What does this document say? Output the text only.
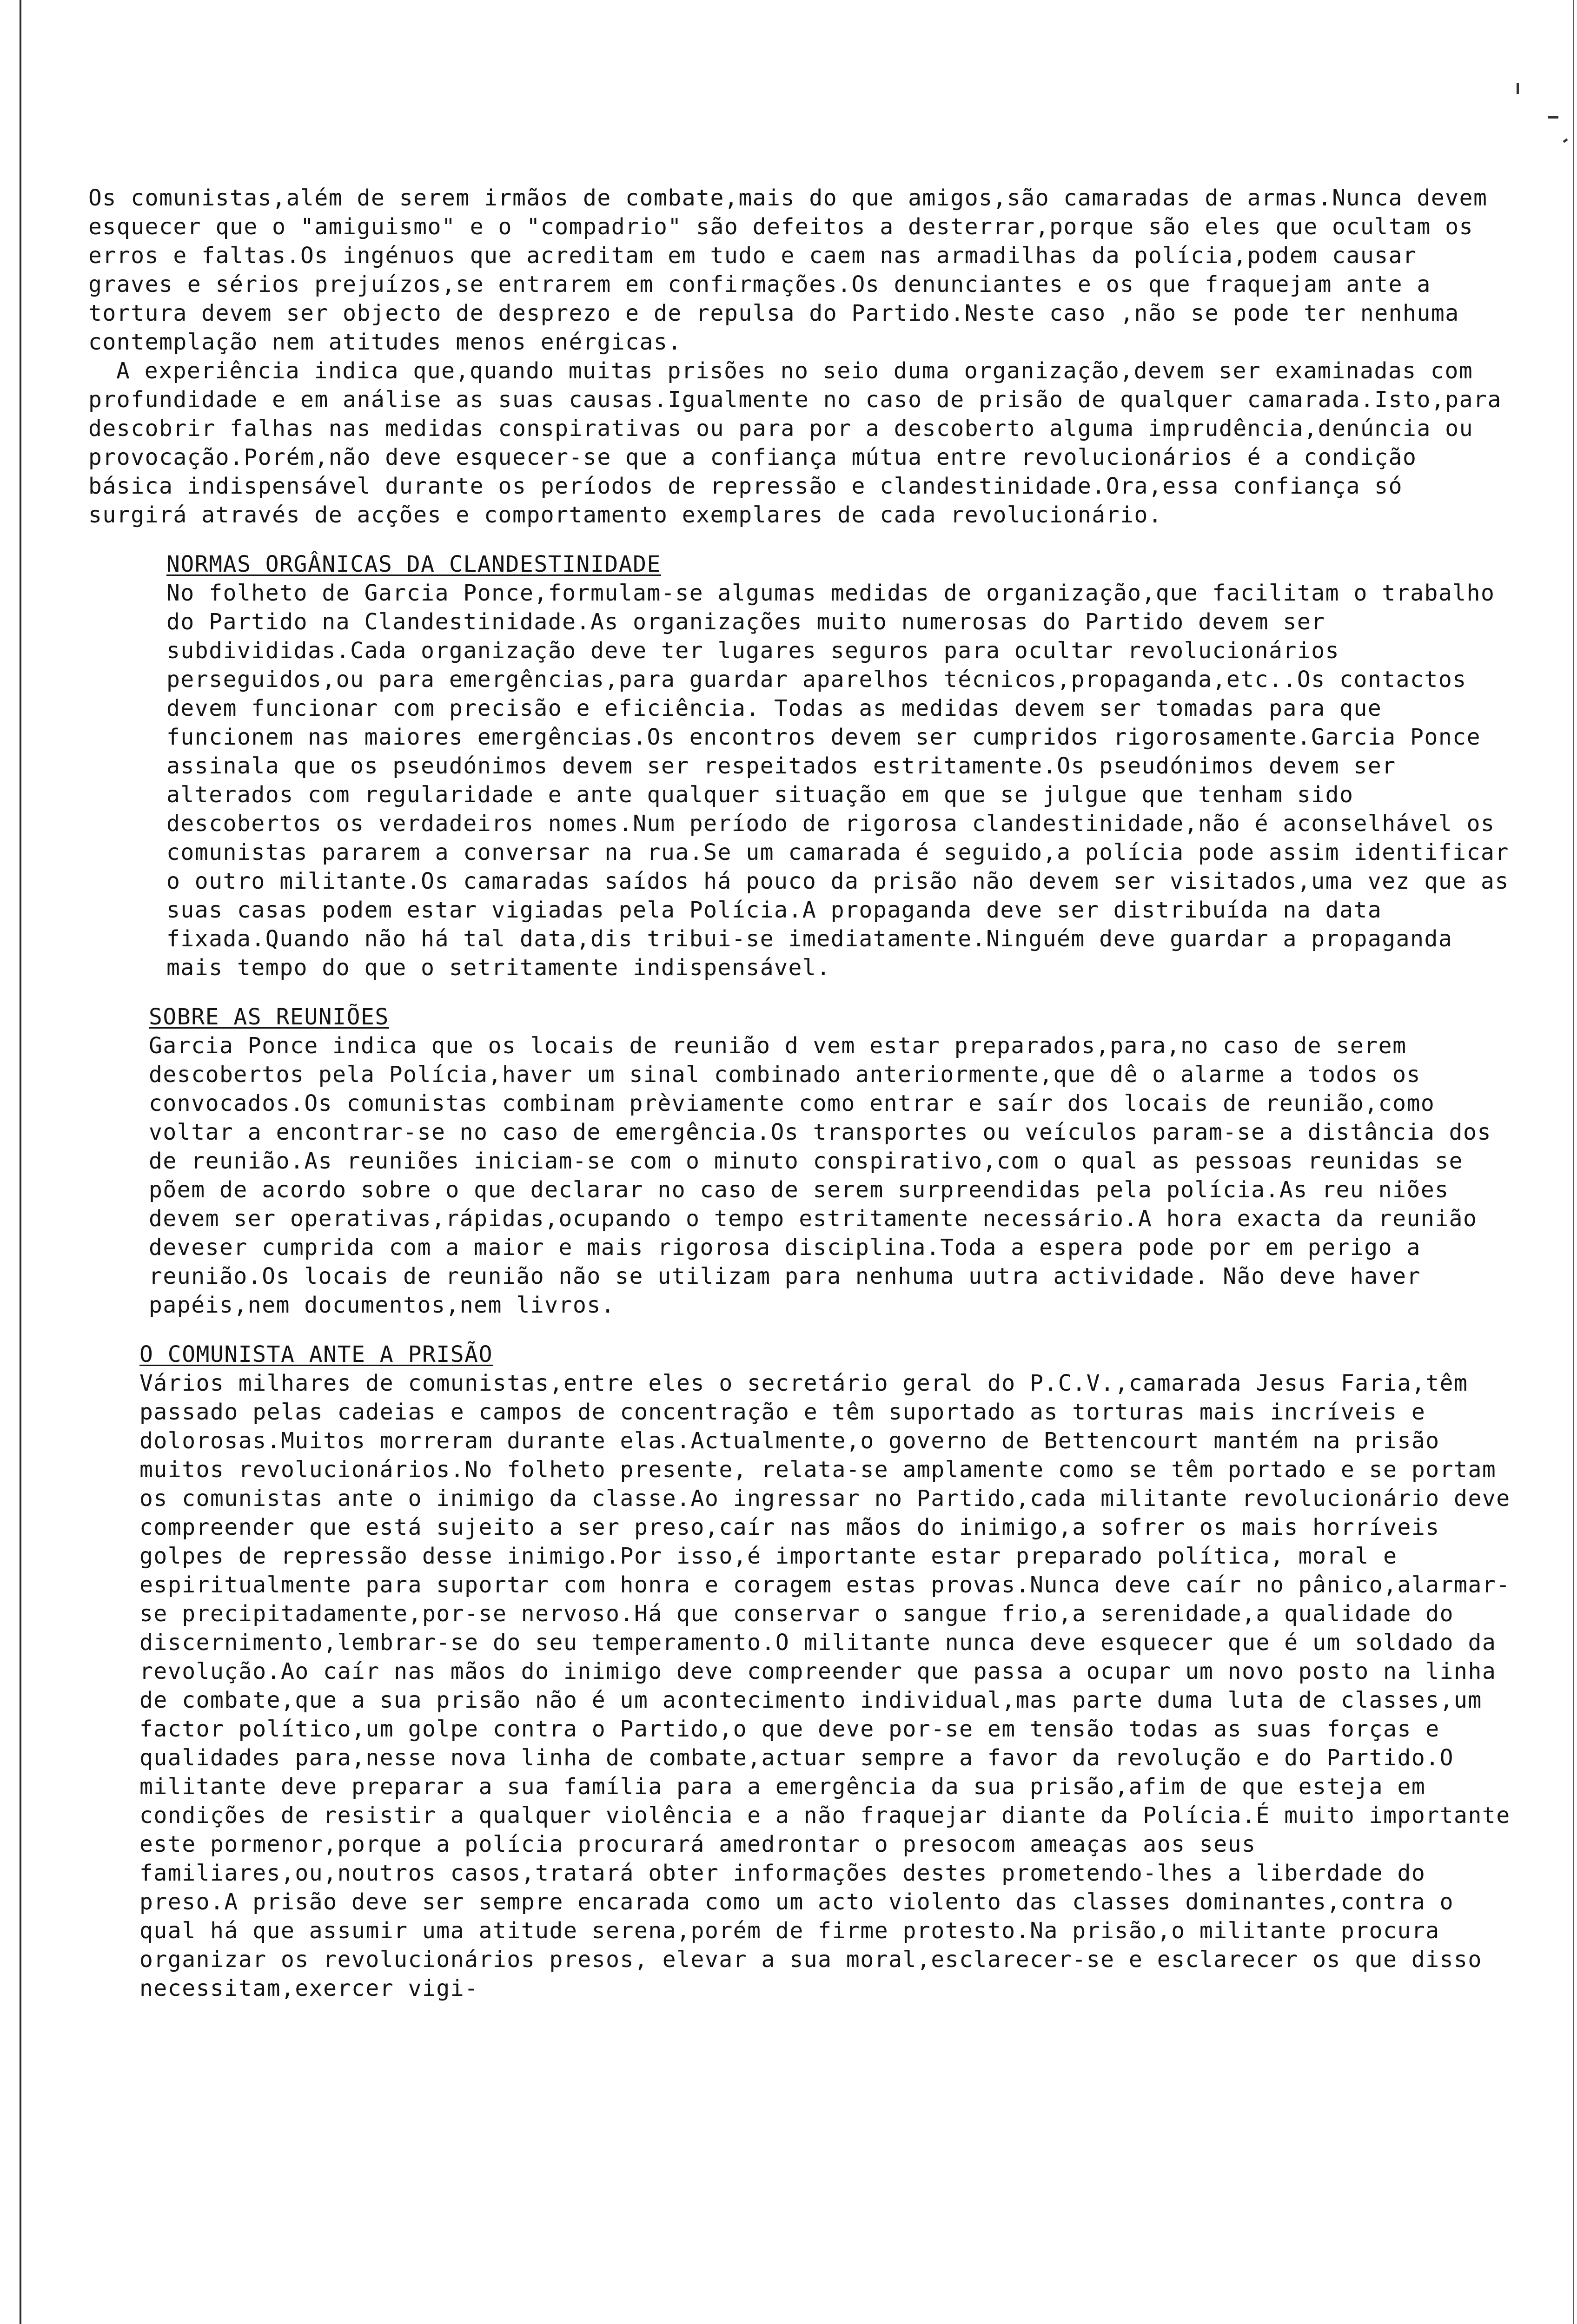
Os comunistas,além de serem irmãos de combate,mais do que amigos,são camaradas de armas.Nunca devem esquecer que o "amiguismo" e o "compadrio" são defeitos a desterrar,porque são eles que ocultam os erros e faltas.Os ingénuos que acreditam em tudo e caem nas armadilhas da polícia,podem causar graves e sérios prejuízos,se entrarem em confirmações.Os denunciantes e os que fraquejam ante a tortura devem ser objecto de desprezo e de repulsa do Partido.Neste caso ,não se pode ter nenhuma contemplação nem atitudes menos enérgicas.

A experiência indica que,quando muitas prisões no seio duma organização,devem ser examinadas com profundidade e em análise as suas causas.Igualmente no caso de prisão de qualquer camarada.Isto,para descobrir falhas nas medidas conspirativas ou para por a descoberto alguma imprudência,denúncia ou provocação.Porém,não deve esquecer-se que a confiança mútua entre revolucionários é a condição básica indispensável durante os períodos de repressão e clandestinidade.Ora,essa confiança só surgirá através de acções e comportamento exemplares de cada revolucionário.

NORMAS ORGÂNICAS DA CLANDESTINIDADE

No folheto de Garcia Ponce,formulam-se algumas medidas de organização,que facilitam o trabalho do Partido na Clandestinidade.As organizações muito numerosas do Partido devem ser subdivididas.Cada organização deve ter lugares seguros para ocultar revolucionários perseguidos,ou para emergências,para guardar aparelhos técnicos,propaganda,etc..Os contactos devem funcionar com precisão e eficiência. Todas as medidas devem ser tomadas para que funcionem nas maiores emergências.Os encontros devem ser cumpridos rigorosamente.Garcia Ponce assinala que os pseudónimos devem ser respeitados estritamente.Os pseudónimos devem ser alterados com regularidade e ante qualquer situação em que se julgue que tenham sido descobertos os verdadeiros nomes.Num período de rigorosa clandestinidade,não é aconselhável os comunistas pararem a conversar na rua.Se um camarada é seguido,a polícia pode assim identificar o outro militante.Os camaradas saídos há pouco da prisão não devem ser visitados,uma vez que as suas casas podem estar vigiadas pela Polícia.A propaganda deve ser distribuída na data fixada.Quando não há tal data,dis tribui-se imediatamente.Ninguém deve guardar a propaganda mais tempo do que o setritamente indispensável.

SOBRE AS REUNIÕES

Garcia Ponce indica que os locais de reunião d vem estar preparados,para,no caso de serem descobertos pela Polícia,haver um sinal combinado anteriormente,que dê o alarme a todos os convocados.Os comunistas combinam prèviamente como entrar e saír dos locais de reunião,como voltar a encontrar-se no caso de emergência.Os transportes ou veículos param-se a distância dos de reunião.As reuniões iniciam-se com o minuto conspirativo,com o qual as pessoas reunidas se põem de acordo sobre o que declarar no caso de serem surpreendidas pela polícia.As reu niões devem ser operativas,rápidas,ocupando o tempo estritamente necessário.A hora exacta da reunião deveser cumprida com a maior e mais rigorosa disciplina.Toda a espera pode por em perigo a reunião.Os locais de reunião não se utilizam para nenhuma uutra actividade. Não deve haver papéis,nem documentos,nem livros.

O COMUNISTA ANTE A PRISÃO

Vários milhares de comunistas,entre eles o secretário geral do P.C.V.,camarada Jesus Faria,têm passado pelas cadeias e campos de concentração e têm suportado as torturas mais incríveis e dolorosas.Muitos morreram durante elas.Actualmente,o governo de Bettencourt mantém na prisão muitos revolucionários.No folheto presente, relata-se amplamente como se têm portado e se portam os comunistas ante o inimigo da classe.Ao ingressar no Partido,cada militante revolucionário deve compreender que está sujeito a ser preso,caír nas mãos do inimigo,a sofrer os mais horríveis golpes de repressão desse inimigo.Por isso,é importante estar preparado política, moral e espiritualmente para suportar com honra e coragem estas provas.Nunca deve caír no pânico,alarmar-se precipitadamente,por-se nervoso.Há que conservar o sangue frio,a serenidade,a qualidade do discernimento,lembrar-se do seu temperamento.O militante nunca deve esquecer que é um soldado da revolução.Ao caír nas mãos do inimigo deve compreender que passa a ocupar um novo posto na linha de combate,que a sua prisão não é um acontecimento individual,mas parte duma luta de classes,um factor político,um golpe contra o Partido,o que deve por-se em tensão todas as suas forças e qualidades para,nesse nova linha de combate,actuar sempre a favor da revolução e do Partido.O militante deve preparar a sua família para a emergência da sua prisão,afim de que esteja em condições de resistir a qualquer violência e a não fraquejar diante da Polícia.É muito importante este pormenor,porque a polícia procurará amedrontar o presocom ameaças aos seus familiares,ou,noutros casos,tratará obter informações destes prometendo-lhes a liberdade do preso.A prisão deve ser sempre encarada como um acto violento das classes dominantes,contra o qual há que assumir uma atitude serena,porém de firme protesto.Na prisão,o militante procura organizar os revolucionários presos, elevar a sua moral,esclarecer-se e esclarecer os que disso necessitam,exercer vigi-
